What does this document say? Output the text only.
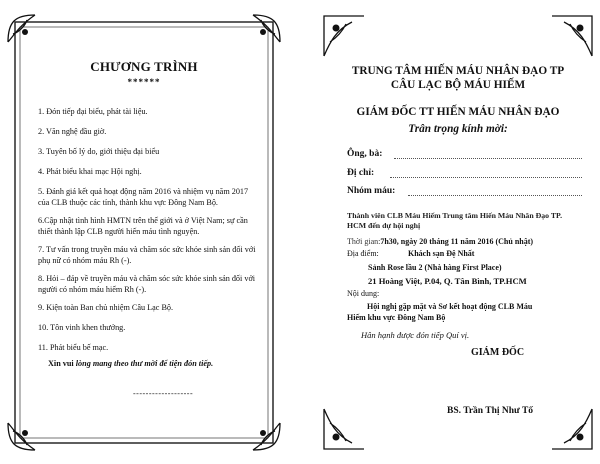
CHƯƠNG TRÌNH
******
1. Đón tiếp đại biểu, phát tài liệu.
2. Văn nghệ đầu giờ.
3. Tuyên bố lý do, giới thiệu đại biểu
4. Phát biểu khai mạc Hội nghị.
5. Đánh giá kết quả hoạt động năm 2016 và nhiệm vụ năm 2017 của CLB thuộc các tỉnh, thành khu vực Đông Nam Bộ.
6.Cập nhật tình hình HMTN trên thế giới và ở Việt Nam; sự cần thiết thành lập CLB người hiến máu tình nguyện.
7. Tư vấn trong truyền máu và chăm sóc sức khỏe sinh sản đối với phụ nữ có nhóm máu Rh (-).
8. Hỏi – đáp về truyền máu và chăm sóc sức khỏe sinh sản đối với người có nhóm máu hiếm Rh (-).
9. Kiện toàn Ban chủ nhiệm Câu Lạc Bộ.
10. Tôn vinh khen thưởng.
11. Phát biểu bế mạc.
Xin vui lòng mang theo thư mời để tiện đón tiếp.
-------------------
TRUNG TÂM HIẾN MÁU NHÂN ĐẠO TP
CÂU LẠC BỘ MÁU HIẾM
GIÁM ĐỐC TT HIẾN MÁU NHÂN ĐẠO
Trân trọng kính mời:
Ông, bà:
Đị chỉ:
Nhóm máu:
Thành viên CLB Máu Hiếm Trung tâm Hiến Máu Nhân Đạo TP. HCM đến dự hội nghị
Thời gian:7h30, ngày 20 tháng 11 năm 2016 (Chủ nhật)
Địa điểm:	Khách sạn Đệ Nhất
Sảnh Rose lầu 2 (Nhà hàng First Place)
21 Hoàng Việt, P.04, Q. Tân Bình, TP.HCM
Nội dung:
Hội nghị gặp mặt và Sơ kết hoạt động CLB Máu
Hiếm khu vực Đông Nam Bộ
Hân hạnh được đón tiếp Quí vị.
GIÁM ĐỐC
BS. Trần Thị Như Tố
